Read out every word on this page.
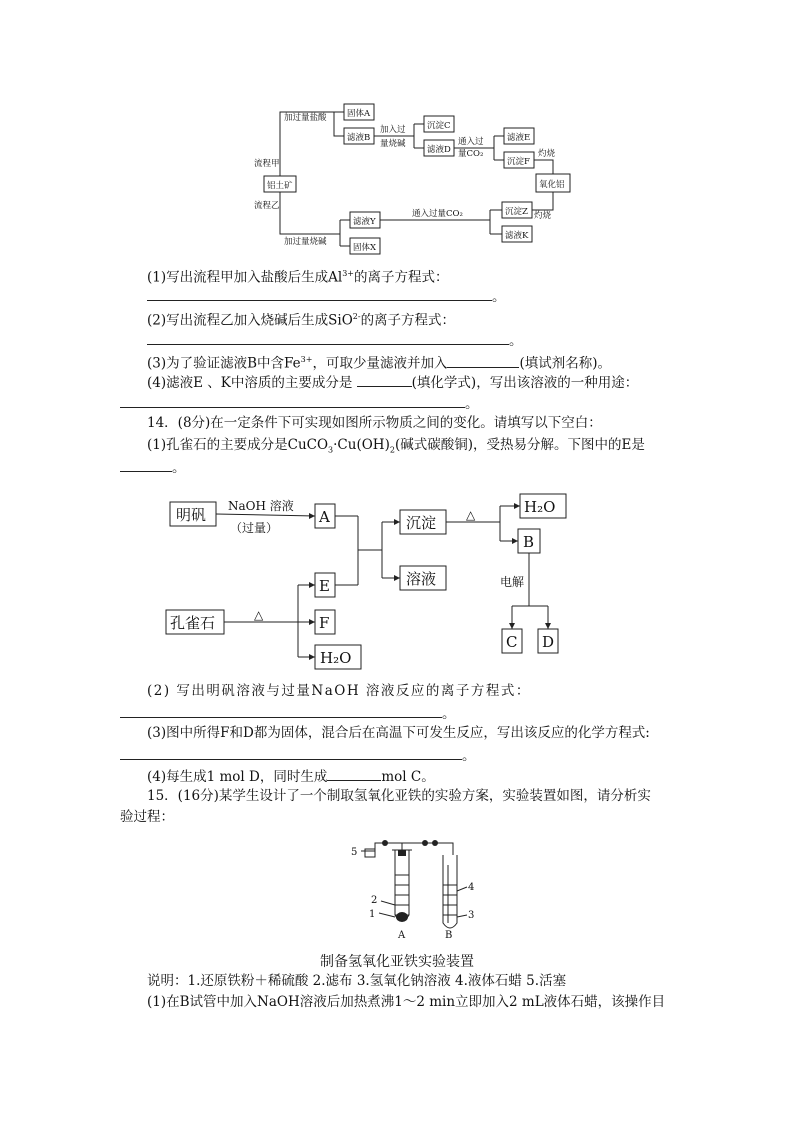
加过量盐酸 固体A
滤液B
加入过
量烧碱
沉淀C
滤液D
通入过
量CO₂
滤液E
沉淀F
灼烧
氧化铝
流程甲
铝土矿
流程乙
加过量烧碱
滤液Y
固体X
通入过量CO₂	沉淀Z
滤液K
灼烧
(1)写出流程甲加入盐酸后生成$Al^{3+}$的离子方程式：
。
(2)写出流程乙加入烧碱后生成SiO$^{2-}$的离子方程式：
。
(3)为了验证滤液B中含$Fe^{3+}$，可取少量滤液并加入	(填试剂名称)。
(4)滤液E 、K中溶质的主要成分是	(填化学式)，写出该溶液的一种用途：
。
14．(8分)在一定条件下可实现如图所示物质之间的变化。请填写以下空白：
(1)孔雀石的主要成分是$CuCO_3\cdot Cu(OH)_2$(碱式碳酸铜)，受热易分解。下图中的E是
。
明矾	A	沉淀
H₂O
B
溶液
E
孔雀石	F
H₂O
C D
NaOH 溶液
（过量）
△
电解
△
(2) 写出明矾溶液与过量NaOH 溶液反应的离子方程式：
。
(3)图中所得F和D都为固体，混合后在高温下可发生反应，写出该反应的化学方程式:
。
(4)每生成1 mol D，同时生成	mol C。
15．(16分)某学生设计了一个制取氢氧化亚铁的实验方案，实验装置如图，请分析实
验过程：
5
2
1
4
3
A	B
制备氢氧化亚铁实验装置
说明：1.还原铁粉＋稀硫酸 2.滤布 3.氢氧化钠溶液 4.液体石蜡 5.活塞
(1)在B试管中加入NaOH溶液后加热煮沸1～2 min立即加入2 mL液体石蜡，该操作目
